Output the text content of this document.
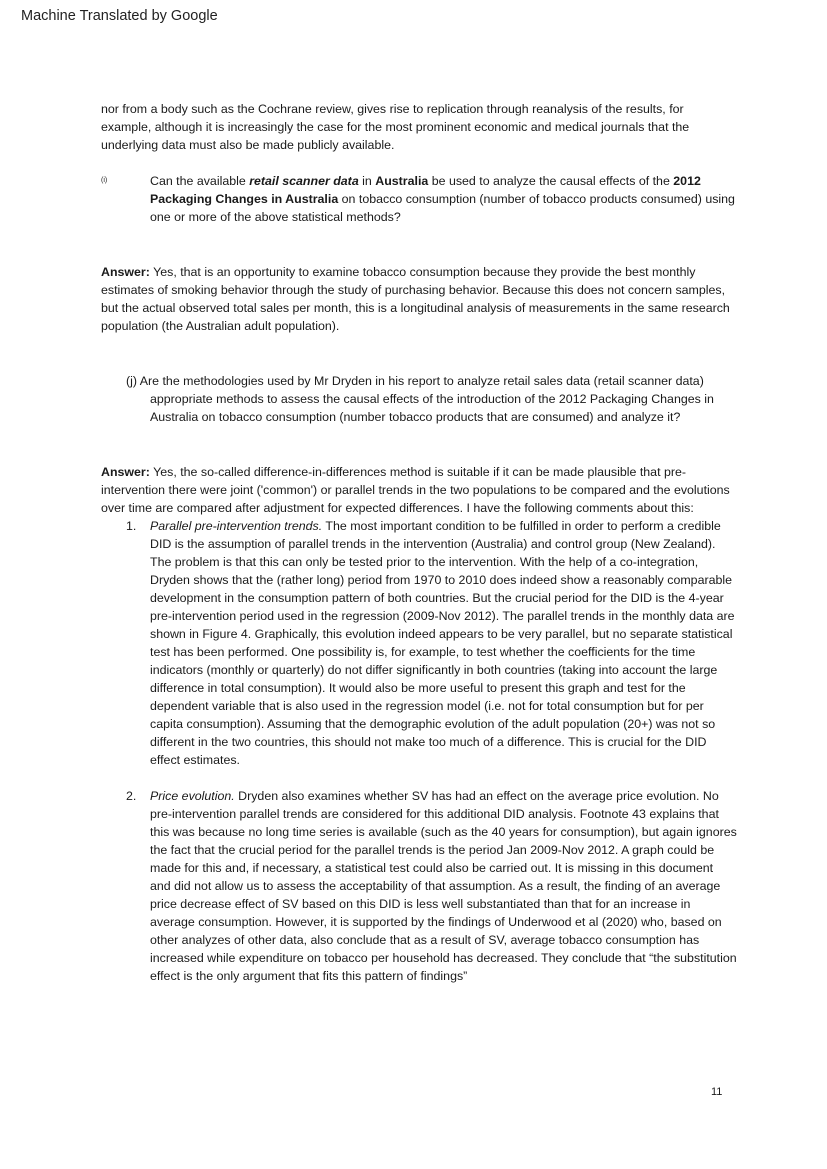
Machine Translated by Google

nor from a body such as the Cochrane review, gives rise to replication through reanalysis of the results, for example, although it is increasingly the case for the most prominent economic and medical journals that the underlying data must also be made publicly available.

(i)	Can the available retail scanner data in Australia be used to analyze the causal effects of the 2012 Packaging Changes in Australia on tobacco consumption (number of tobacco products consumed) using one or more of the above statistical methods?

Answer: Yes, that is an opportunity to examine tobacco consumption because they provide the best monthly estimates of smoking behavior through the study of purchasing behavior. Because this does not concern samples, but the actual observed total sales per month, this is a longitudinal analysis of measurements in the same research population (the Australian adult population).

(j) Are the methodologies used by Mr Dryden in his report to analyze retail sales data (retail scanner data) appropriate methods to assess the causal effects of the introduction of the 2012 Packaging Changes in Australia on tobacco consumption (number tobacco products that are consumed) and analyze it?

Answer: Yes, the so-called difference-in-differences method is suitable if it can be made plausible that pre-intervention there were joint ('common') or parallel trends in the two populations to be compared and the evolutions over time are compared after adjustment for expected differences. I have the following comments about this:

1. Parallel pre-intervention trends. The most important condition to be fulfilled in order to perform a credible DID is the assumption of parallel trends in the intervention (Australia) and control group (New Zealand). The problem is that this can only be tested prior to the intervention. With the help of a co-integration, Dryden shows that the (rather long) period from 1970 to 2010 does indeed show a reasonably comparable development in the consumption pattern of both countries. But the crucial period for the DID is the 4-year pre-intervention period used in the regression (2009-Nov 2012). The parallel trends in the monthly data are shown in Figure 4. Graphically, this evolution indeed appears to be very parallel, but no separate statistical test has been performed. One possibility is, for example, to test whether the coefficients for the time indicators (monthly or quarterly) do not differ significantly in both countries (taking into account the large difference in total consumption). It would also be more useful to present this graph and test for the dependent variable that is also used in the regression model (i.e. not for total consumption but for per capita consumption). Assuming that the demographic evolution of the adult population (20+) was not so different in the two countries, this should not make too much of a difference. This is crucial for the DID effect estimates.
2. Price evolution. Dryden also examines whether SV has had an effect on the average price evolution. No pre-intervention parallel trends are considered for this additional DID analysis. Footnote 43 explains that this was because no long time series is available (such as the 40 years for consumption), but again ignores the fact that the crucial period for the parallel trends is the period Jan 2009-Nov 2012. A graph could be made for this and, if necessary, a statistical test could also be carried out. It is missing in this document and did not allow us to assess the acceptability of that assumption. As a result, the finding of an average price decrease effect of SV based on this DID is less well substantiated than that for an increase in average consumption. However, it is supported by the findings of Underwood et al (2020) who, based on other analyzes of other data, also conclude that as a result of SV, average tobacco consumption has increased while expenditure on tobacco per household has decreased. They conclude that “the substitution effect is the only argument that fits this pattern of findings”
11
